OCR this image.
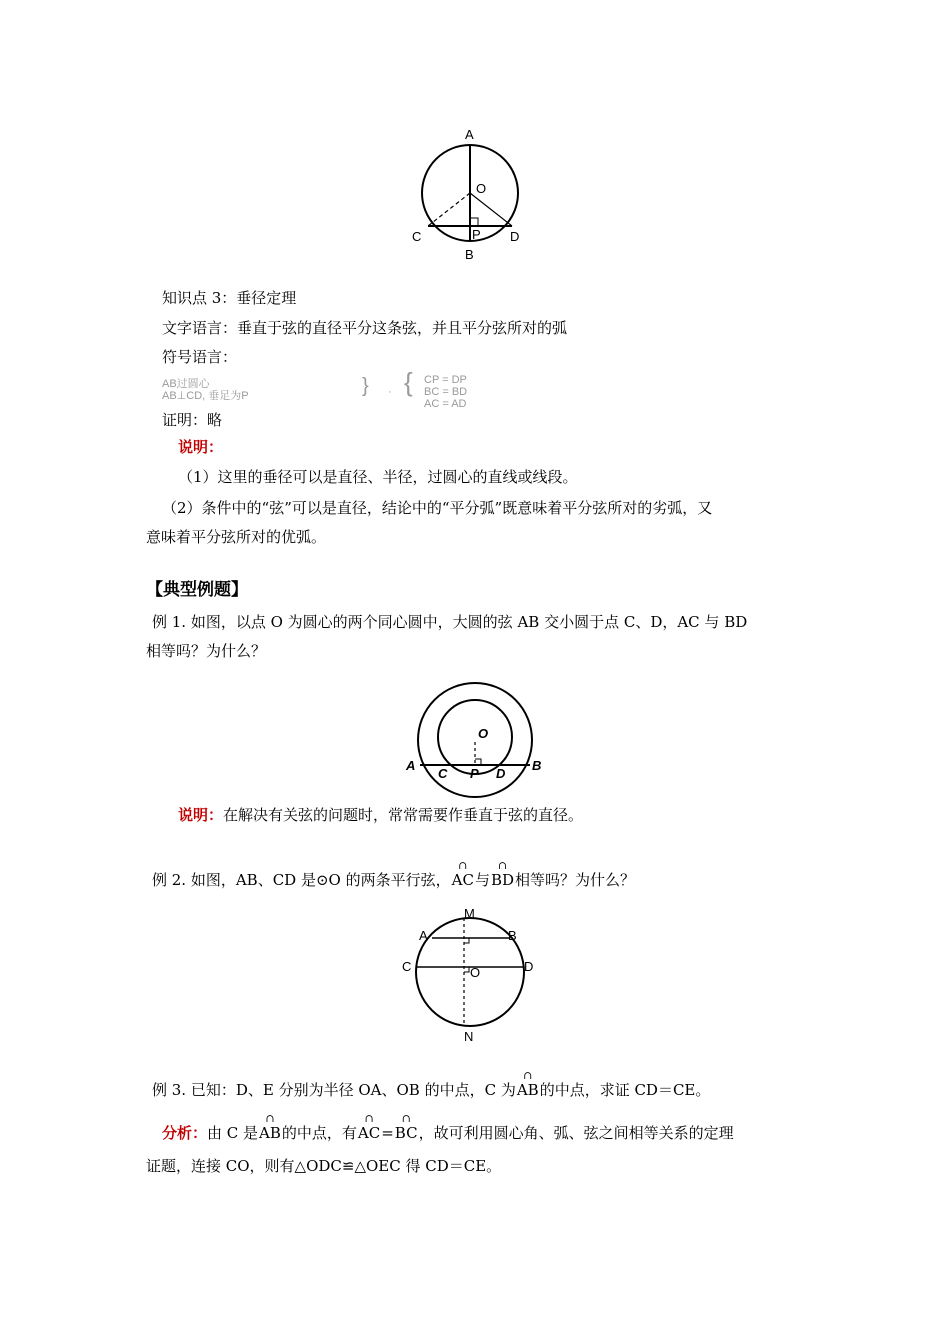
A
O
C	P D
B
知识点 3：垂径定理
文字语言：垂直于弦的直径平分这条弦，并且平分弦所对的弧
符号语言：
AB过圆心
AB⊥CD, 垂足为P	} · { CP = DP
BC = BD
AC = AD
证明：略
说明：
（1）这里的垂径可以是直径、半径，过圆心的直线或线段。
（2）条件中的“弦”可以是直径，结论中的“平分弧”既意味着平分弦所对的劣弧，又
意味着平分弦所对的优弧。
【典型例题】
例 1. 如图，以点 O 为圆心的两个同心圆中，大圆的弦 AB 交小圆于点 C、D，AC 与 BD
相等吗？为什么？
O
A
C P D
B
说明：在解决有关弦的问题时，常常需要作垂直于弦的直径。
例 2. 如图，AB、CD 是⊙O 的两条平行弦，
∩
AC与
∩
BD相等吗？为什么？
M
A	B
C	O	D
N
例 3. 已知：D、E 分别为半径 OA、OB 的中点，C 为
∩
AB的中点，求证 CD＝CE。
分析：由 C 是
∩
AB的中点，有
∩
AC=
∩
BC，故可利用圆心角、弧、弦之间相等关系的定理
证题，连接 CO，则有△ODC≌△OEC 得 CD＝CE。
